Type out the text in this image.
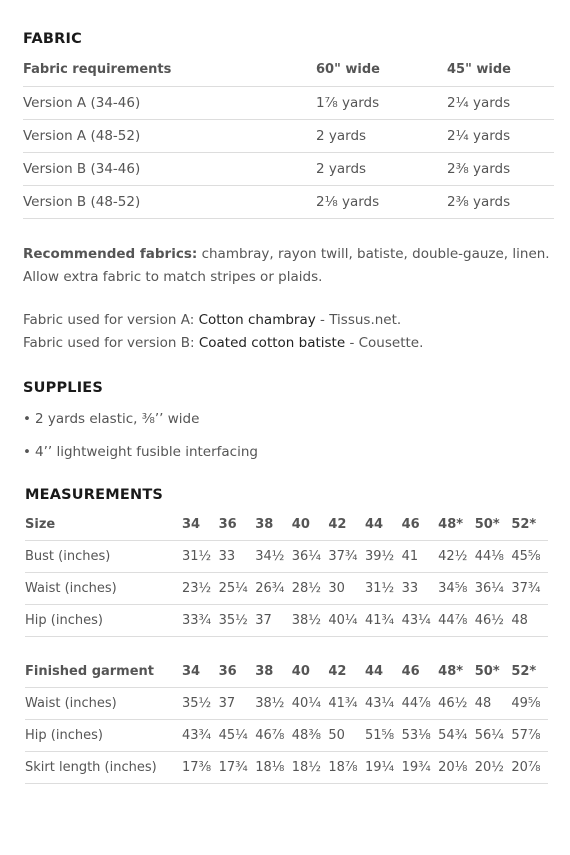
FABRIC
Fabric requirements	60" wide	45" wide
Version A (34-46)	1⅞ yards	2¼ yards
Version A (48-52)	2 yards	2¼ yards
Version B (34-46)	2 yards	2⅜ yards
Version B (48-52)	2⅛ yards	2⅜ yards

Recommended fabrics: chambray, rayon twill, batiste, double-gauze, linen. Allow extra fabric to match stripes or plaids.

Fabric used for version A: Cotton chambray - Tissus.net.
Fabric used for version B: Coated cotton batiste - Cousette.

SUPPLIES
• 2 yards elastic, ⅜’’ wide
• 4’’ lightweight fusible interfacing
MEASUREMENTS
Size	34	36	38	40	42	44	46	48*	50*	52*
Bust (inches)	31½	33	34½	36¼	37¾	39½	41	42½	44⅛	45⅝
Waist (inches)	23½	25¼	26¾	28½	30	31½	33	34⅝	36¼	37¾
Hip (inches)	33¾	35½	37	38½	40¼	41¾	43¼	44⅞	46½	48
Finished garment	34	36	38	40	42	44	46	48*	50*	52*
Waist (inches)	35½	37	38½	40¼	41¾	43¼	44⅞	46½	48	49⅝
Hip (inches)	43¾	45¼	46⅞	48⅜	50	51⅝	53⅛	54¾	56¼	57⅞
Skirt length (inches)	17⅜	17¾	18⅛	18½	18⅞	19¼	19¾	20⅛	20½	20⅞
